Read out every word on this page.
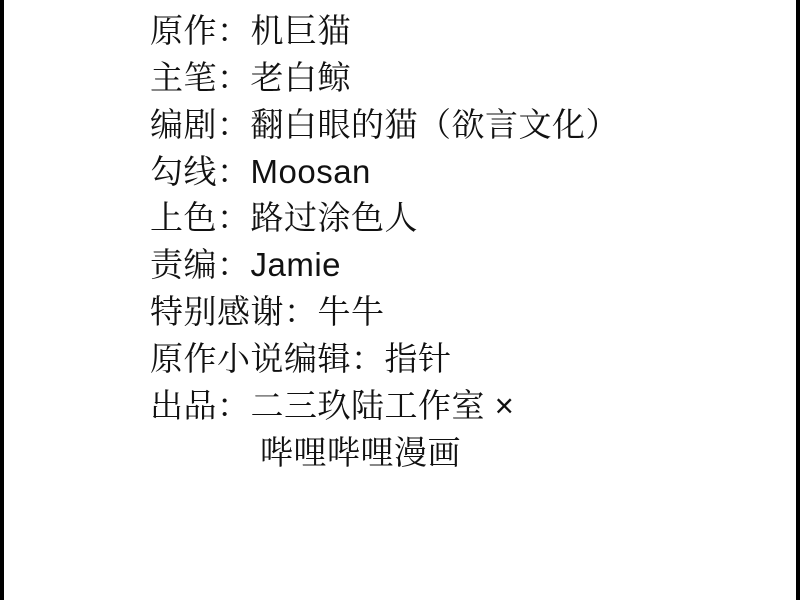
原作：机巨猫
主笔：老白鲸
编剧：翻白眼的猫（欲言文化）
勾线：Moosan
上色：路过涂色人
责编：Jamie
特别感谢：牛牛
原作小说编辑：指针
出品：二三玖陆工作室 ×
哔哩哔哩漫画
